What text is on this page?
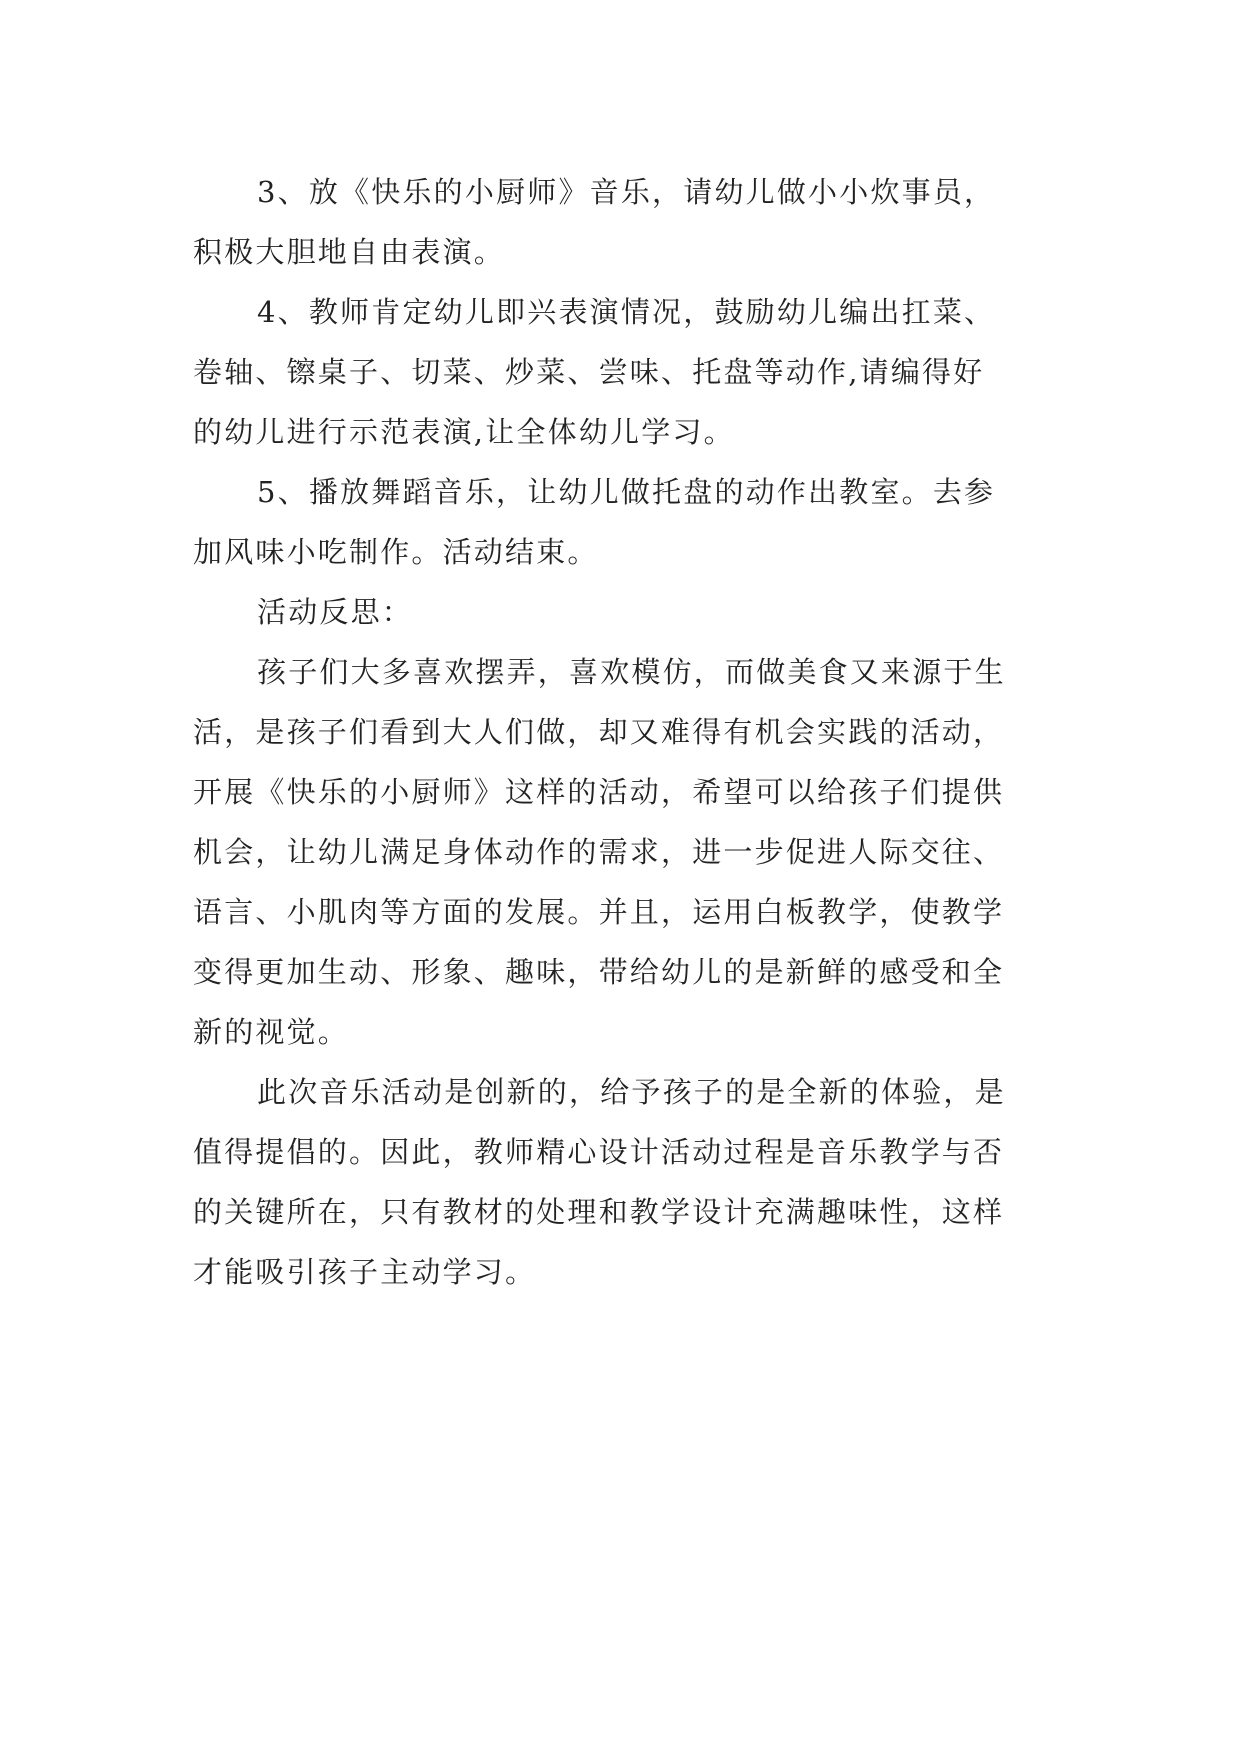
3、放《快乐的小厨师》音乐，请幼儿做小小炊事员，
积极大胆地自由表演。
4、教师肯定幼儿即兴表演情况，鼓励幼儿编出扛菜、
卷轴、镲桌子、切菜、炒菜、尝味、托盘等动作,请编得好
的幼儿进行示范表演,让全体幼儿学习。
5、播放舞蹈音乐，让幼儿做托盘的动作出教室。去参
加风味小吃制作。活动结束。
活动反思：
孩子们大多喜欢摆弄，喜欢模仿，而做美食又来源于生
活，是孩子们看到大人们做，却又难得有机会实践的活动，
开展《快乐的小厨师》这样的活动，希望可以给孩子们提供
机会，让幼儿满足身体动作的需求，进一步促进人际交往、
语言、小肌肉等方面的发展。并且，运用白板教学，使教学
变得更加生动、形象、趣味，带给幼儿的是新鲜的感受和全
新的视觉。
此次音乐活动是创新的，给予孩子的是全新的体验，是
值得提倡的。因此，教师精心设计活动过程是音乐教学与否
的关键所在，只有教材的处理和教学设计充满趣味性，这样
才能吸引孩子主动学习。
